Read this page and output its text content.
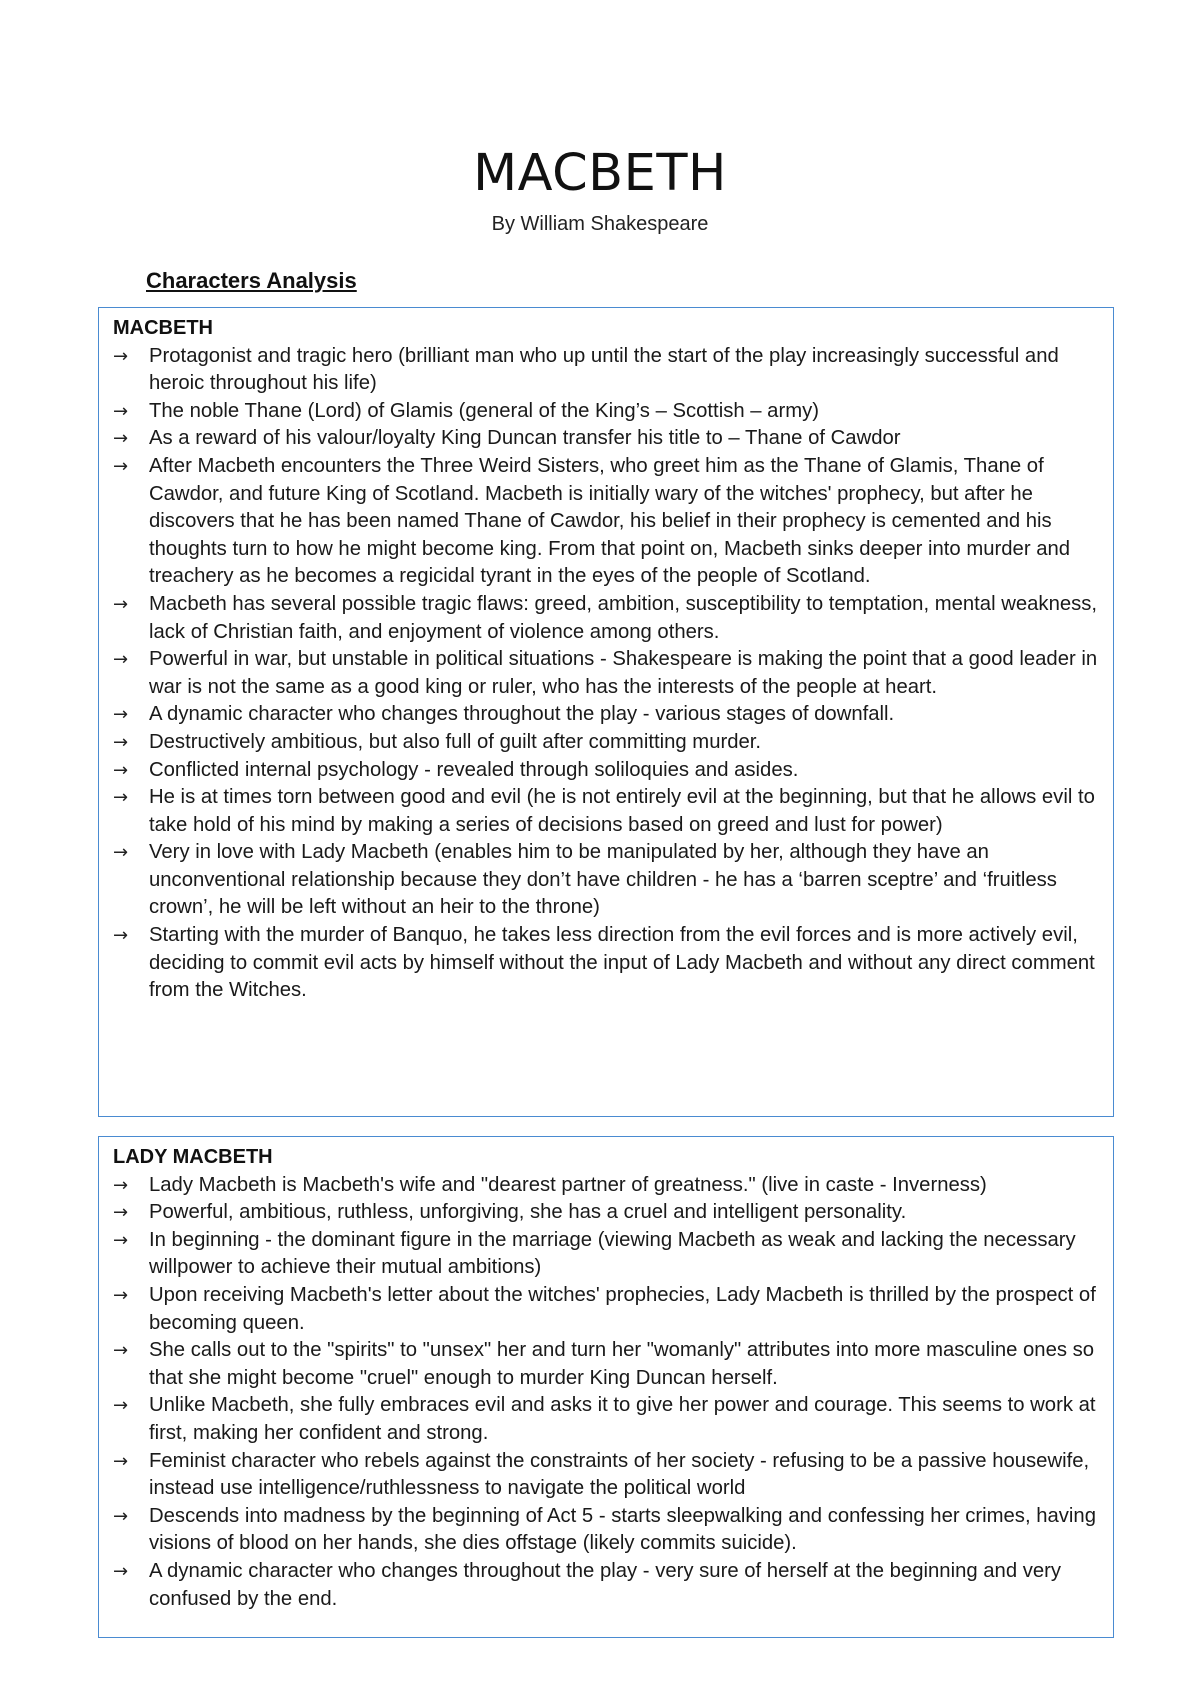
MACBETH
By William Shakespeare
Characters Analysis
MACBETH
→	Protagonist and tragic hero (brilliant man who up until the start of the play increasingly successful and heroic throughout his life)
→	The noble Thane (Lord) of Glamis (general of the King’s – Scottish – army)
→	As a reward of his valour/loyalty King Duncan transfer his title to – Thane of Cawdor
→	After Macbeth encounters the Three Weird Sisters, who greet him as the Thane of Glamis, Thane of Cawdor, and future King of Scotland. Macbeth is initially wary of the witches' prophecy, but after he discovers that he has been named Thane of Cawdor, his belief in their prophecy is cemented and his thoughts turn to how he might become king. From that point on, Macbeth sinks deeper into murder and treachery as he becomes a regicidal tyrant in the eyes of the people of Scotland.
→	Macbeth has several possible tragic flaws: greed, ambition, susceptibility to temptation, mental weakness, lack of Christian faith, and enjoyment of violence among others.
→	Powerful in war, but unstable in political situations - Shakespeare is making the point that a good leader in war is not the same as a good king or ruler, who has the interests of the people at heart.
→	A dynamic character who changes throughout the play - various stages of downfall.
→	Destructively ambitious, but also full of guilt after committing murder.
→	Conflicted internal psychology - revealed through soliloquies and asides.
→	He is at times torn between good and evil (he is not entirely evil at the beginning, but that he allows evil to take hold of his mind by making a series of decisions based on greed and lust for power)
→	Very in love with Lady Macbeth (enables him to be manipulated by her, although they have an unconventional relationship because they don’t have children - he has a ‘barren sceptre’ and ‘fruitless crown’, he will be left without an heir to the throne)
→	Starting with the murder of Banquo, he takes less direction from the evil forces and is more actively evil, deciding to commit evil acts by himself without the input of Lady Macbeth and without any direct comment from the Witches.
LADY MACBETH
→	Lady Macbeth is Macbeth's wife and "dearest partner of greatness." (live in caste - Inverness)
→	Powerful, ambitious, ruthless, unforgiving, she has a cruel and intelligent personality.
→	In beginning - the dominant figure in the marriage (viewing Macbeth as weak and lacking the necessary willpower to achieve their mutual ambitions)
→	Upon receiving Macbeth's letter about the witches' prophecies, Lady Macbeth is thrilled by the prospect of becoming queen.
→	She calls out to the "spirits" to "unsex" her and turn her "womanly" attributes into more masculine ones so that she might become "cruel" enough to murder King Duncan herself.
→	Unlike Macbeth, she fully embraces evil and asks it to give her power and courage. This seems to work at first, making her confident and strong.
→	Feminist character who rebels against the constraints of her society - refusing to be a passive housewife, instead use intelligence/ruthlessness to navigate the political world
→	Descends into madness by the beginning of Act 5 - starts sleepwalking and confessing her crimes, having visions of blood on her hands, she dies offstage (likely commits suicide).
→	A dynamic character who changes throughout the play - very sure of herself at the beginning and very confused by the end.
